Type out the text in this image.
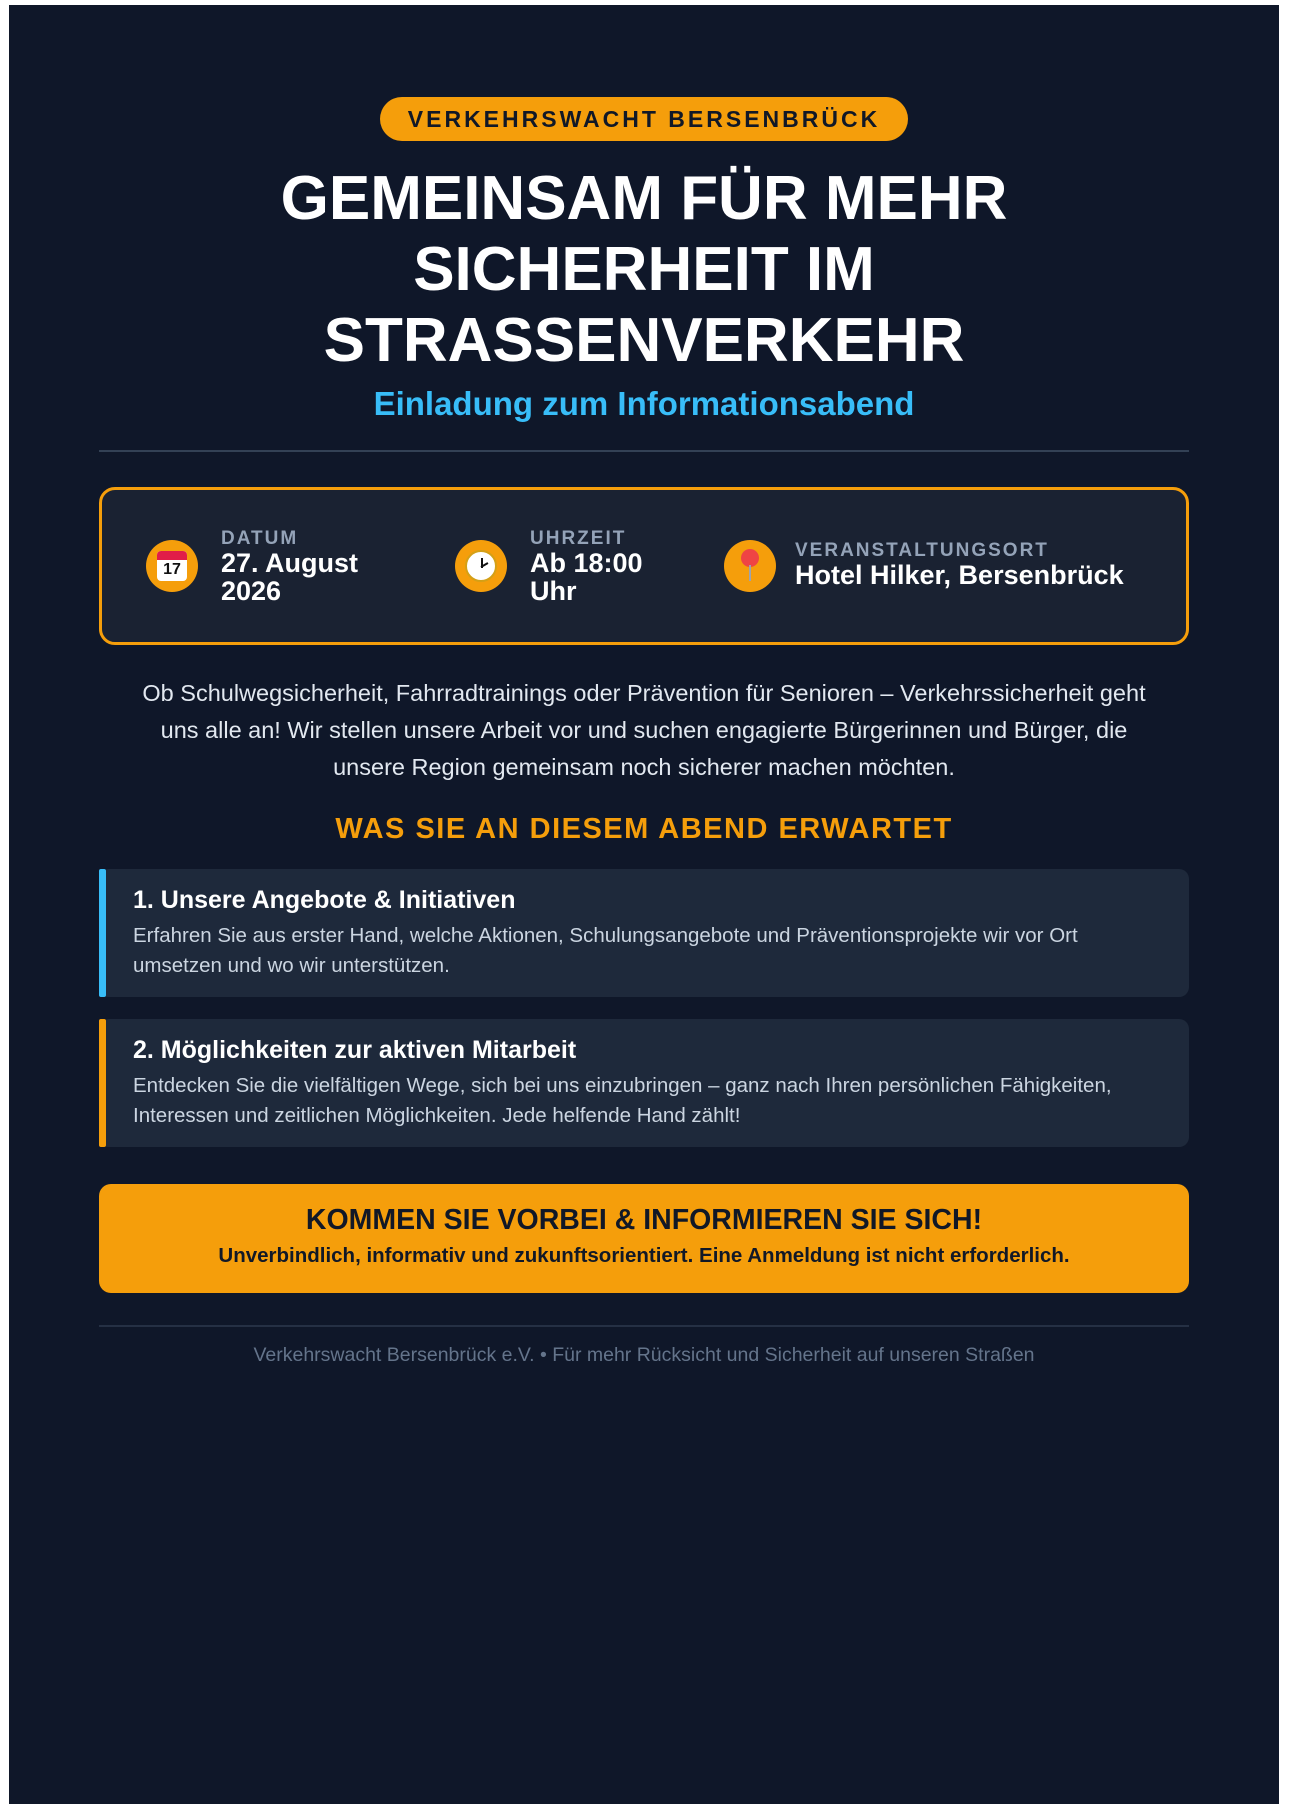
VERKEHRSWACHT BERSENBRÜCK
GEMEINSAM FÜR MEHR
SICHERHEIT IM
STRASSENVERKEHR
Einladung zum Informationsabend
17
DATUM
27. August
2026
UHRZEIT
Ab 18:00
Uhr
VERANSTALTUNGSORT
Hotel Hilker, Bersenbrück

Ob Schulwegsicherheit, Fahrradtrainings oder Prävention für Senioren – Verkehrssicherheit geht
uns alle an! Wir stellen unsere Arbeit vor und suchen engagierte Bürgerinnen und Bürger, die
unsere Region gemeinsam noch sicherer machen möchten.

WAS SIE AN DIESEM ABEND ERWARTET
1. Unsere Angebote & Initiativen
Erfahren Sie aus erster Hand, welche Aktionen, Schulungsangebote und Präventionsprojekte wir vor Ort
umsetzen und wo wir unterstützen.
2. Möglichkeiten zur aktiven Mitarbeit
Entdecken Sie die vielfältigen Wege, sich bei uns einzubringen – ganz nach Ihren persönlichen Fähigkeiten,
Interessen und zeitlichen Möglichkeiten. Jede helfende Hand zählt!
KOMMEN SIE VORBEI & INFORMIEREN SIE SICH!
Unverbindlich, informativ und zukunftsorientiert. Eine Anmeldung ist nicht erforderlich.
Verkehrswacht Bersenbrück e.V. • Für mehr Rücksicht und Sicherheit auf unseren Straßen
